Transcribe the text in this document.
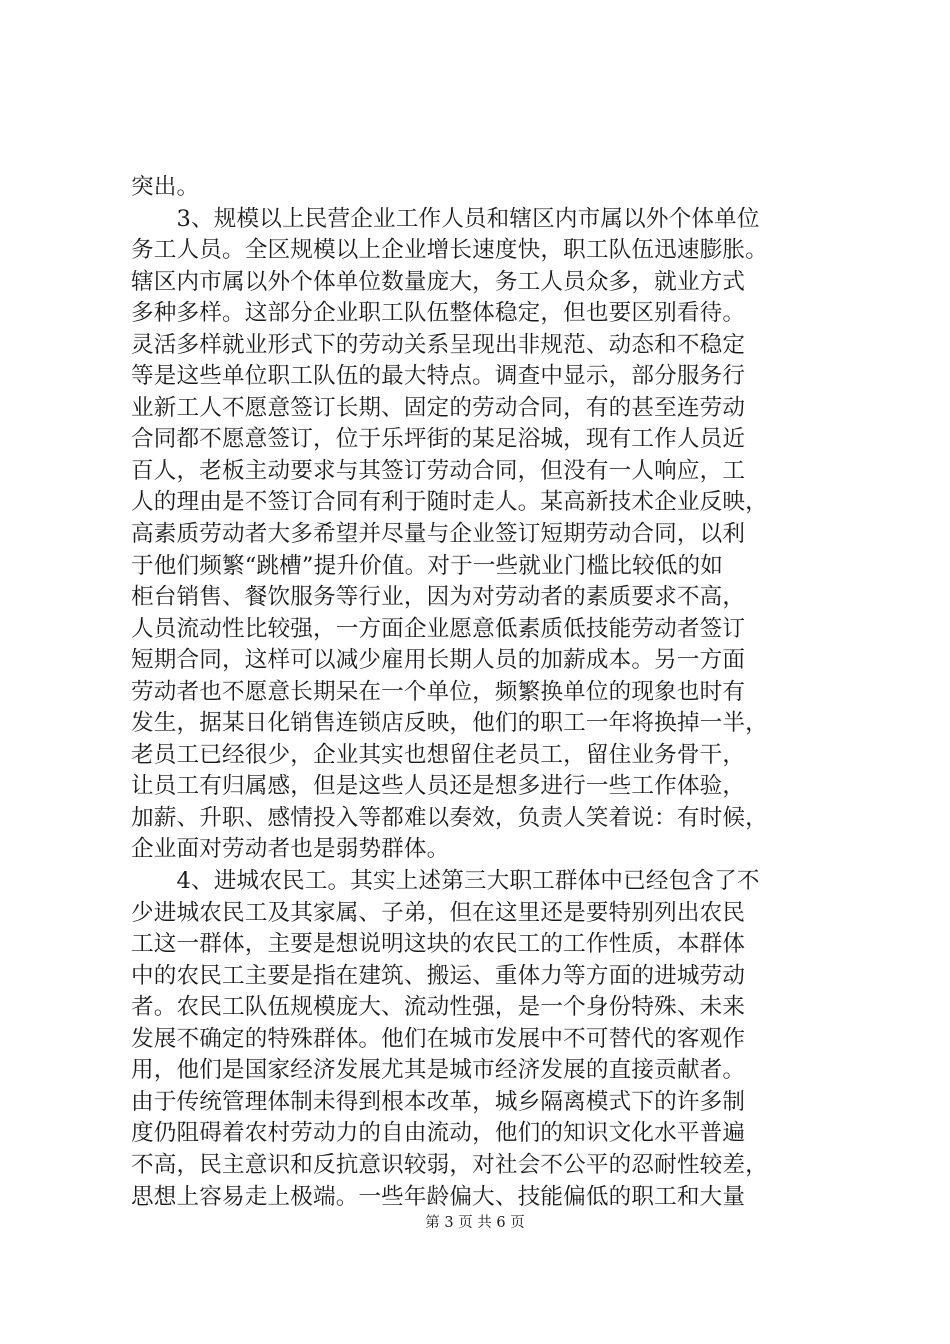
突出。
　　3、规模以上民营企业工作人员和辖区内市属以外个体单位
务工人员。全区规模以上企业增长速度快，职工队伍迅速膨胀。
辖区内市属以外个体单位数量庞大，务工人员众多，就业方式
多种多样。这部分企业职工队伍整体稳定，但也要区别看待。
灵活多样就业形式下的劳动关系呈现出非规范、动态和不稳定
等是这些单位职工队伍的最大特点。调查中显示，部分服务行
业新工人不愿意签订长期、固定的劳动合同，有的甚至连劳动
合同都不愿意签订，位于乐坪街的某足浴城，现有工作人员近
百人，老板主动要求与其签订劳动合同，但没有一人响应，工
人的理由是不签订合同有利于随时走人。某高新技术企业反映，
高素质劳动者大多希望并尽量与企业签订短期劳动合同，以利
于他们频繁“跳槽”提升价值。对于一些就业门槛比较低的如
柜台销售、餐饮服务等行业，因为对劳动者的素质要求不高，
人员流动性比较强，一方面企业愿意低素质低技能劳动者签订
短期合同，这样可以减少雇用长期人员的加薪成本。另一方面
劳动者也不愿意长期呆在一个单位，频繁换单位的现象也时有
发生，据某日化销售连锁店反映，他们的职工一年将换掉一半，
老员工已经很少，企业其实也想留住老员工，留住业务骨干，
让员工有归属感，但是这些人员还是想多进行一些工作体验，
加薪、升职、感情投入等都难以奏效，负责人笑着说：有时候，
企业面对劳动者也是弱势群体。
　　4、进城农民工。其实上述第三大职工群体中已经包含了不
少进城农民工及其家属、子弟，但在这里还是要特别列出农民
工这一群体，主要是想说明这块的农民工的工作性质，本群体
中的农民工主要是指在建筑、搬运、重体力等方面的进城劳动
者。农民工队伍规模庞大、流动性强，是一个身份特殊、未来
发展不确定的特殊群体。他们在城市发展中不可替代的客观作
用，他们是国家经济发展尤其是城市经济发展的直接贡献者。
由于传统管理体制未得到根本改革，城乡隔离模式下的许多制
度仍阻碍着农村劳动力的自由流动，他们的知识文化水平普遍
不高，民主意识和反抗意识较弱，对社会不公平的忍耐性较差，
思想上容易走上极端。一些年龄偏大、技能偏低的职工和大量
第 3 页 共 6 页
